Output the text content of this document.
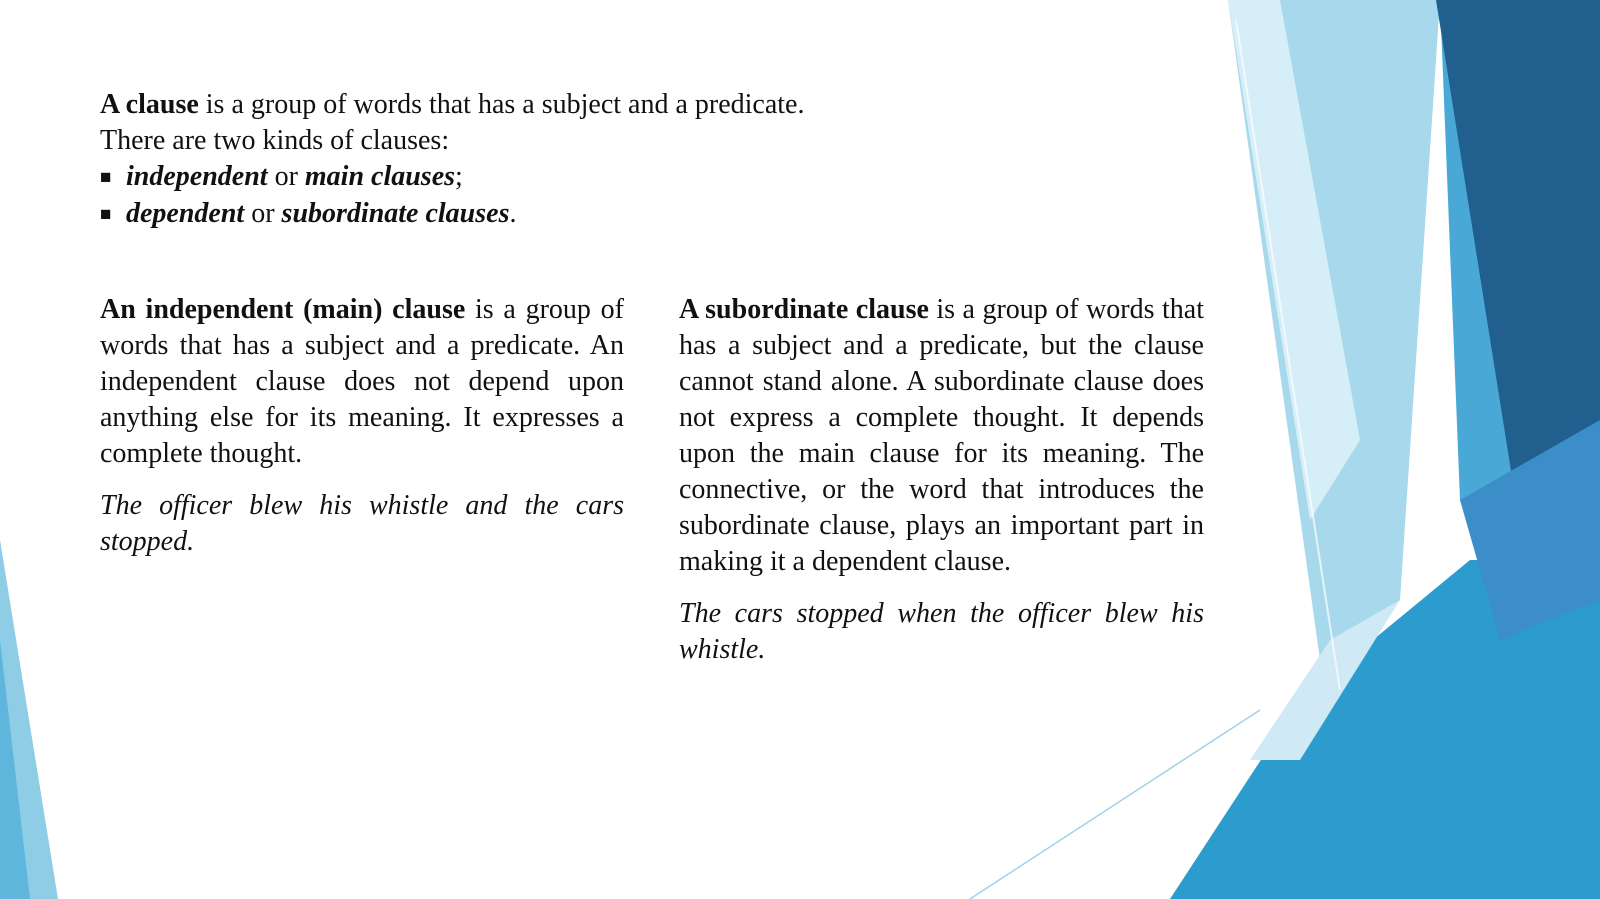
A clause is a group of words that has a subject and a predicate.

There are two kinds of clauses:

■ independent or main clauses;

■ dependent or subordinate clauses.

An independent (main) clause is a group of words that has a subject and a predicate. An independent clause does not depend upon anything else for its meaning. It expresses a complete thought.

The officer blew his whistle and the cars stopped.

A subordinate clause is a group of words that has a subject and a predicate, but the clause cannot stand alone. A subordinate clause does not express a complete thought. It depends upon the main clause for its meaning. The connective, or the word that introduces the subordinate clause, plays an important part in making it a dependent clause.

The cars stopped when the officer blew his whistle.
